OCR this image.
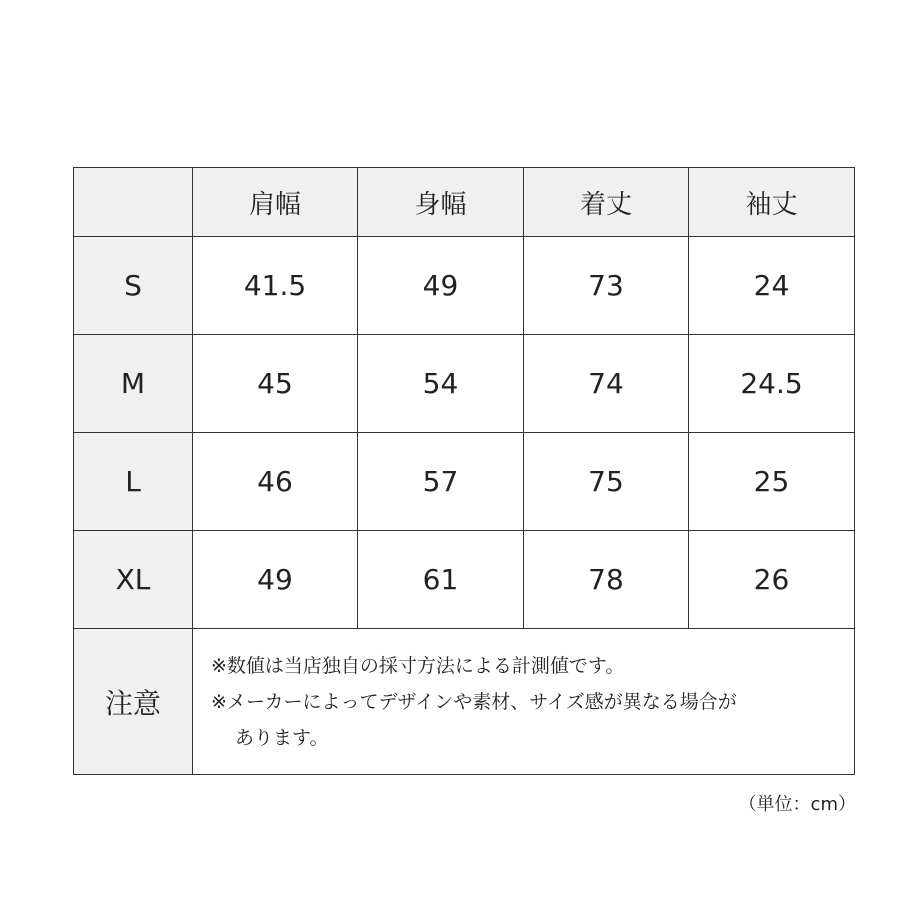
	肩幅	身幅	着丈	袖丈
S	41.5	49	73	24
M	45	54	74	24.5
L	46	57	75	25
XL	49	61	78	26
注意	※数値は当店独自の採寸方法による計測値です。
※メーカーによってデザインや素材、サイズ感が異なる場合が
あります。			
（単位：cm）
